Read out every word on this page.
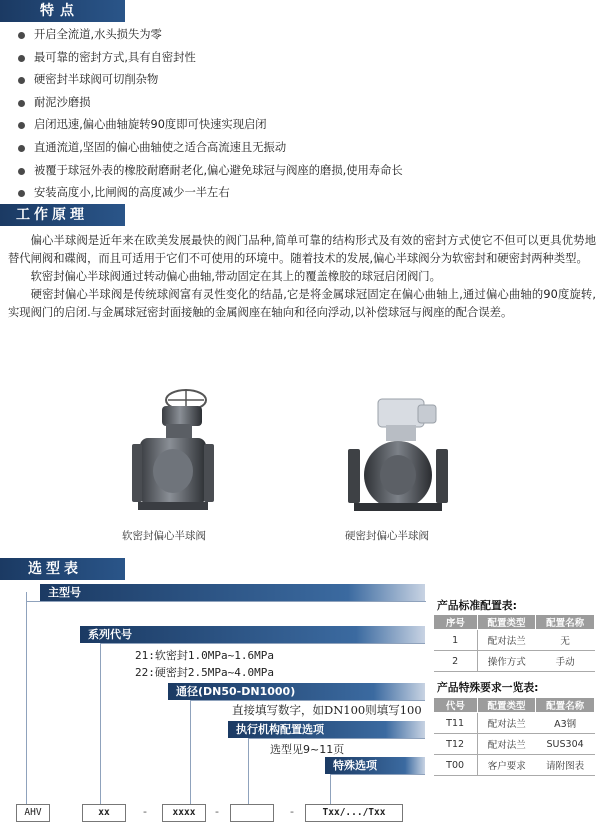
特点
开启全流道,水头损失为零
最可靠的密封方式,具有自密封性
硬密封半球阀可切削杂物
耐泥沙磨损
启闭迅速,偏心曲轴旋转90度即可快速实现启闭
直通流道,坚固的偏心曲轴使之适合高流速且无振动
被覆于球冠外表的橡胶耐磨耐老化,偏心避免球冠与阀座的磨损,使用寿命长
安装高度小,比闸阀的高度减少一半左右
工作原理

偏心半球阀是近年来在欧美发展最快的阀门品种,简单可靠的结构形式及有效的密封方式使它不但可以更具优势地替代闸阀和碟阀，而且可适用于它们不可使用的环境中。随着技术的发展,偏心半球阀分为软密封和硬密封两种类型。

软密封偏心半球阀通过转动偏心曲轴,带动固定在其上的覆盖橡胶的球冠启闭阀门。

硬密封偏心半球阀是传统球阀富有灵性变化的结晶,它是将金属球冠固定在偏心曲轴上,通过偏心曲轴的90度旋转,实现阀门的启闭.与金属球冠密封面接触的金属阀座在轴向和径向浮动,以补偿球冠与阀座的配合误差。

软密封偏心半球阀	硬密封偏心半球阀
选型表
主型号
系列代号
21:软密封1.0MPa~1.6MPa
22:硬密封2.5MPa~4.0MPa
通径(DN50-DN1000)
直接填写数字，如DN100则填写100
执行机构配置选项
选型见9~11页
特殊选项
AHV	xx	-	xxxx	-	-	Txx/.../Txx
产品标准配置表:
序号	配置类型	配置名称
1	配对法兰	无
2	操作方式	手动
产品特殊要求一览表:
代号	配置类型	配置名称
T11	配对法兰	A3钢
T12	配对法兰	SUS304
T00	客户要求	请附图表
